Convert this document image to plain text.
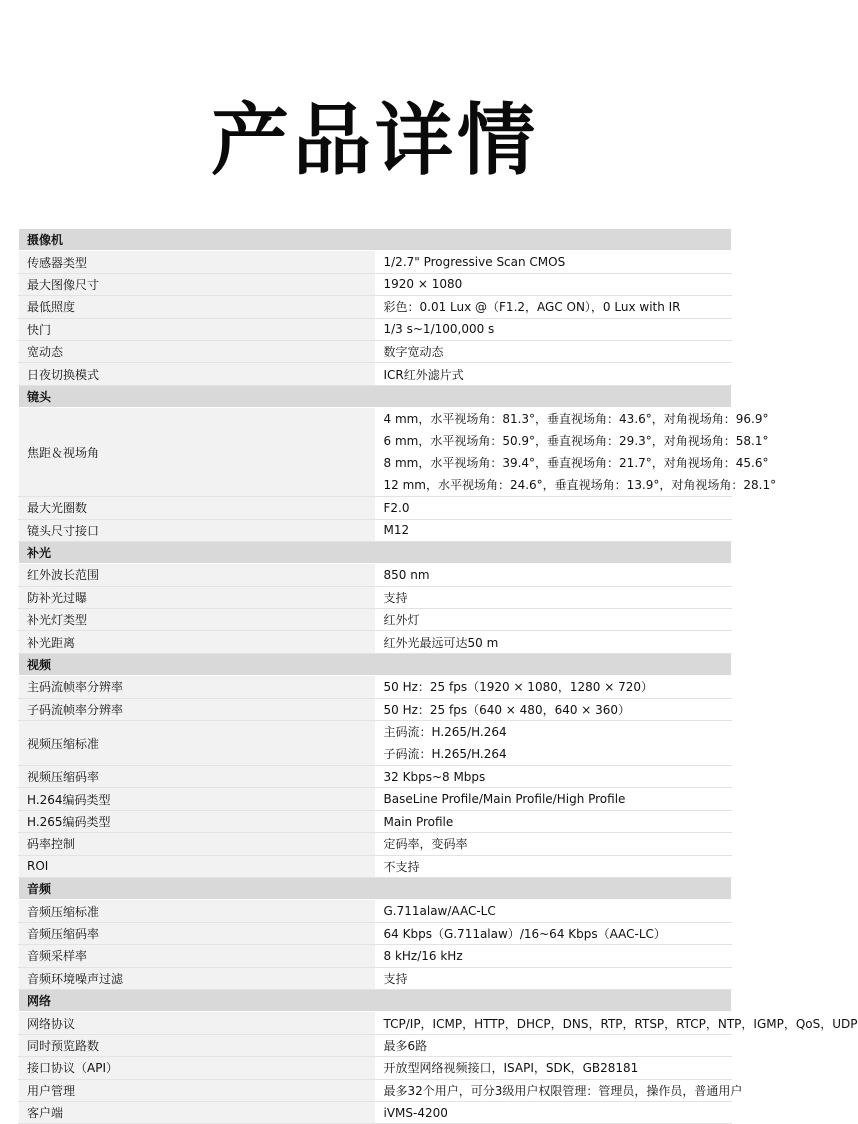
产品详情
摄像机	
传感器类型	1/2.7" Progressive Scan CMOS
最大图像尺寸	1920 × 1080
最低照度	彩色：0.01 Lux @（F1.2，AGC ON），0 Lux with IR
快门	1/3 s~1/100,000 s
宽动态	数字宽动态
日夜切换模式	ICR红外滤片式
镜头	
焦距＆视场角	4 mm，水平视场角：81.3°，垂直视场角：43.6°，对角视场角：96.9°
6 mm，水平视场角：50.9°，垂直视场角：29.3°，对角视场角：58.1°
8 mm，水平视场角：39.4°，垂直视场角：21.7°，对角视场角：45.6°
12 mm，水平视场角：24.6°，垂直视场角：13.9°，对角视场角：28.1°

最大光圈数	F2.0
镜头尺寸接口	M12
补光	
红外波长范围	850 nm
防补光过曝	支持
补光灯类型	红外灯
补光距离	红外光最远可达50 m
视频	
主码流帧率分辨率	50 Hz：25 fps（1920 × 1080，1280 × 720）
子码流帧率分辨率	50 Hz：25 fps（640 × 480，640 × 360）
视频压缩标准	主码流：H.265/H.264
子码流：H.265/H.264

视频压缩码率	32 Kbps~8 Mbps
H.264编码类型	BaseLine Profile/Main Profile/High Profile
H.265编码类型	Main Profile
码率控制	定码率，变码率
ROI	不支持
音频	
音频压缩标准	G.711alaw/AAC-LC
音频压缩码率	64 Kbps（G.711alaw）/16~64 Kbps（AAC-LC）
音频采样率	8 kHz/16 kHz
音频环境噪声过滤	支持
网络	
网络协议	TCP/IP，ICMP，HTTP，DHCP，DNS，RTP，RTSP，RTCP，NTP，IGMP，QoS，UDP
同时预览路数	最多6路
接口协议（API）	开放型网络视频接口，ISAPI，SDK，GB28181
用户管理	最多32个用户，可分3级用户权限管理：管理员，操作员，普通用户
客户端	iVMS-4200
